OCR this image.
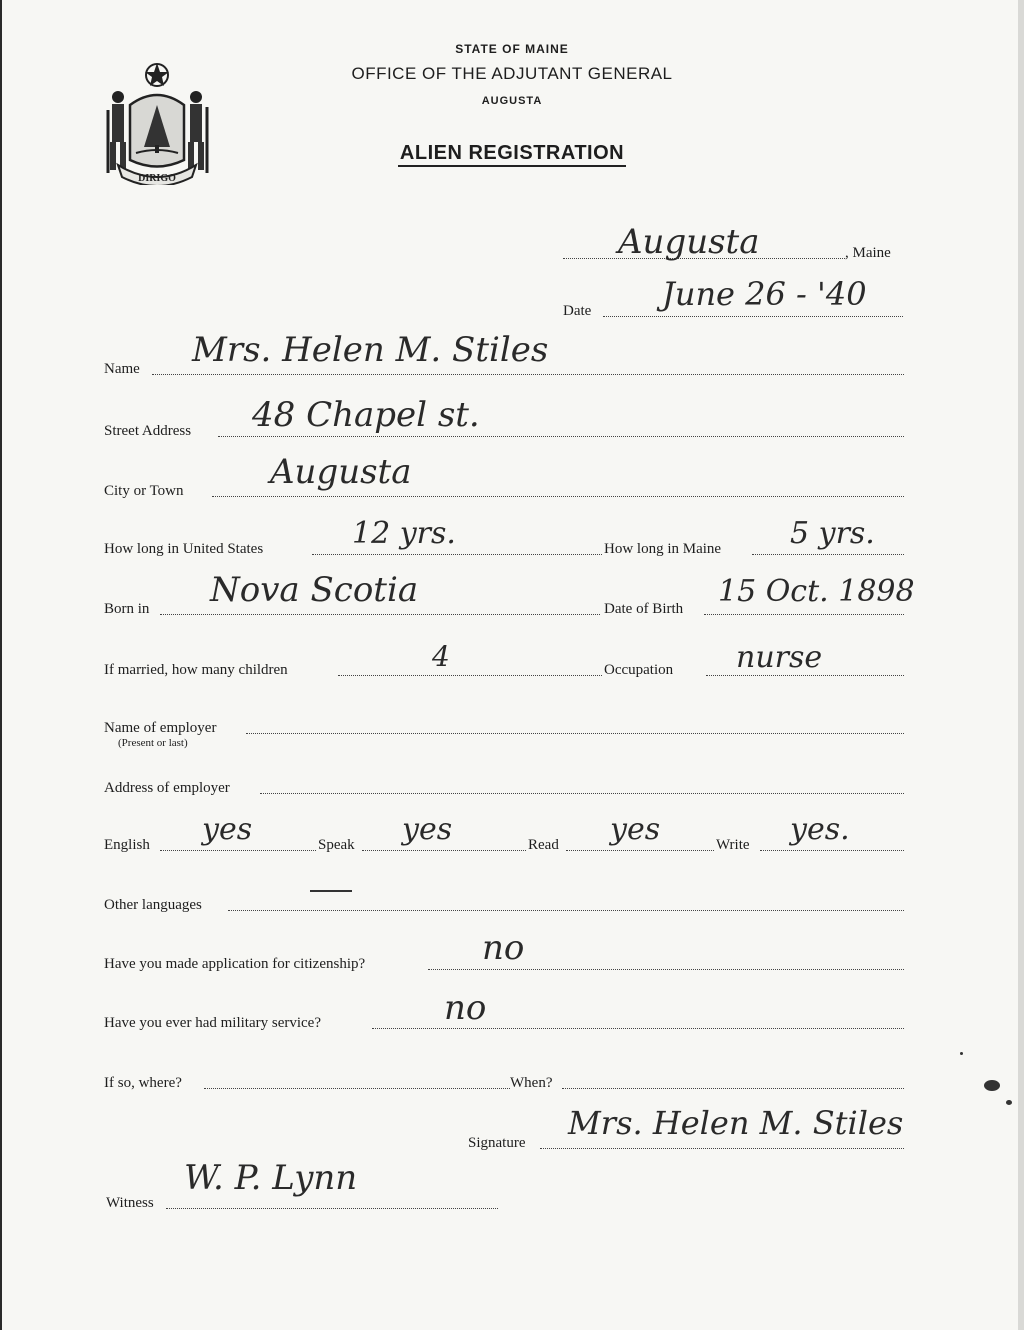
DIRIGO
STATE OF MAINE
OFFICE OF THE ADJUTANT GENERAL
AUGUSTA
ALIEN REGISTRATION
, Maine
Augusta
Date June 26 - '40
Name Mrs. Helen M. Stiles
Street Address 48 Chapel st.
City or Town	Augusta
How long in United States	12 yrs.	How long in Maine 5 yrs.
Born in Nova Scotia	Date of Birth 15 Oct. 1898
If married, how many children	4	Occupation nurse
Name of employer
(Present or last)
Address of employer
English yes	Speak yes	Read yes	Write yes.
Other languages
Have you made application for citizenship?	no
Have you ever had military service?	no
If so, where?	When?
Signature
Mrs. Helen M. Stiles
Witness
W. P. Lynn
